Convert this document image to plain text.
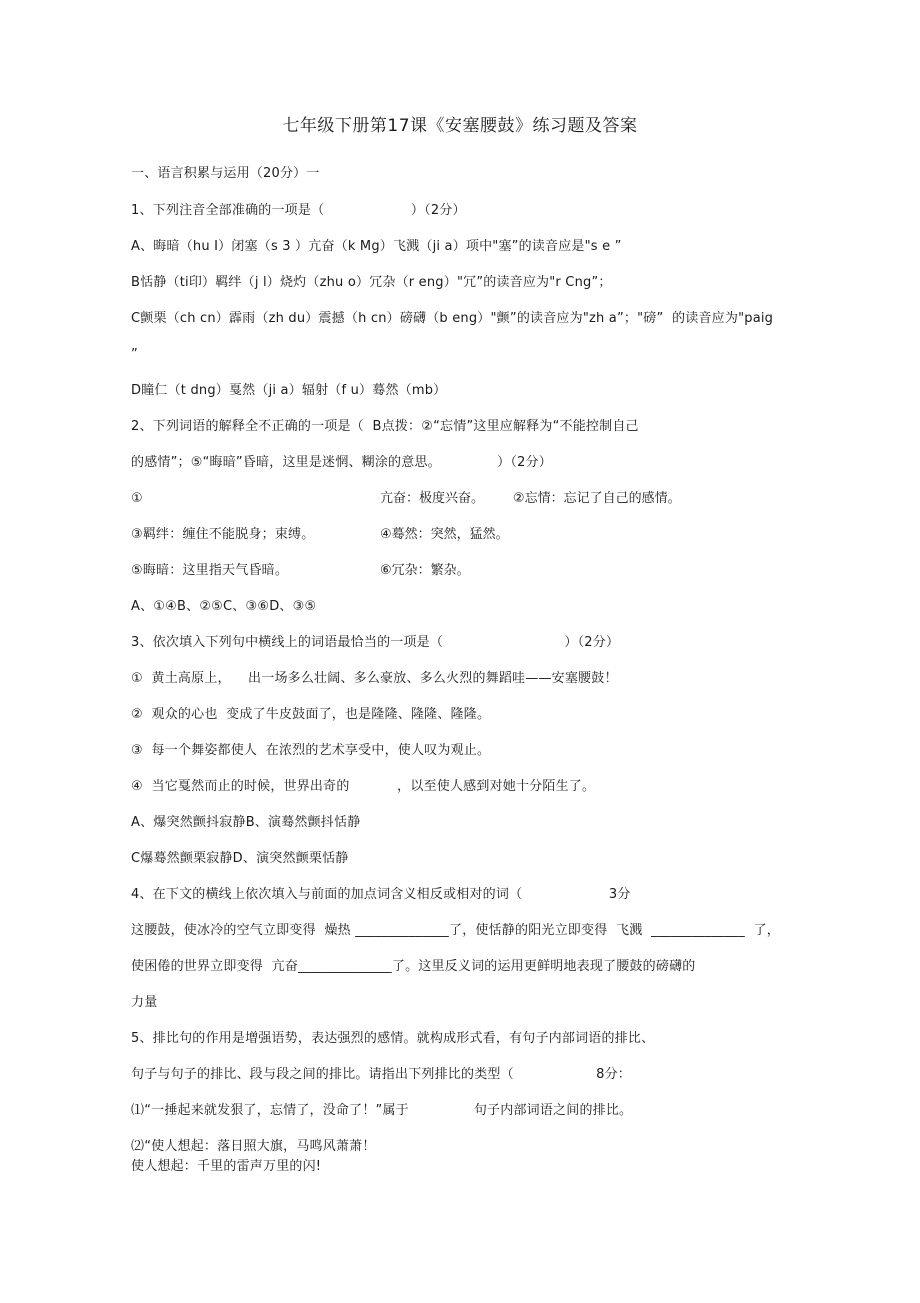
七年级下册第17课《安塞腰鼓》练习题及答案
一、语言积累与运用（20分）一
1、下列注音全部准确的一项是（                    ）（2分）
A、晦暗（hu I）闭塞（s 3 ）亢奋（k Mg）飞溅（ji a）项中"塞”的读音应是"s e ”
B恬静（ti印）羁绊（j l）烧灼（zhu o）冗杂（r eng）"冗”的读音应为"r Cng”；
C颤栗（ch cn）霹雨（zh du）震撼（h cn）磅礴（b eng）"颤”的读音应为"zh a”；"磅”  的读音应为"paig
”
D瞳仁（t dng）戛然（ji a）辐射（f u）蓦然（mb）
2、下列词语的解释全不正确的一项是（  B点拨：②“忘情”这里应解释为“不能控制自己
的感情”；⑤“晦暗”昏暗，这里是迷惘、糊涂的意思。             ）（2分）
①	亢奋：极度兴奋。       ②忘情：忘记了自己的感情。
③羁绊：缠住不能脱身；束缚。	④蓦然：突然，猛然。
⑤晦暗：这里指天气昏暗。	⑥冗杂：繁杂。
A、①④B、②⑤C、③⑥D、③⑤
3、依次填入下列句中横线上的词语最恰当的一项是（                            ）（2分）
①  黄土高原上，    出一场多么壮阔、多么豪放、多么火烈的舞蹈哇——安塞腰鼓！
②  观众的心也  变成了牛皮鼓面了，也是隆隆、隆隆、隆隆。
③  每一个舞姿都使人  在浓烈的艺术享受中，使人叹为观止。
④  当它戛然而止的时候，世界出奇的           ，以至使人感到对她十分陌生了。
A、爆突然颤抖寂静B、演蓦然颤抖恬静
C爆蓦然颤栗寂静D、演突然颤栗恬静
4、在下文的横线上依次填入与前面的加点词含义相反或相对的词（                    3分
这腰鼓，使冰冷的空气立即变得  燥热 ______________了，使恬静的阳光立即变得  飞溅  ______________  了，
使困倦的世界立即变得  亢奋______________了。这里反义词的运用更鲜明地表现了腰鼓的磅礴的
力量
5、排比句的作用是增强语势，表达强烈的感情。就构成形式看，有句子内部词语的排比、
句子与句子的排比、段与段之间的排比。请指出下列排比的类型（                   8分：
⑴“一捶起来就发狠了，忘情了，没命了！”属于               句子内部词语之间的排比。
⑵“使人想起：落日照大旗，马鸣风萧萧！
使人想起：千里的雷声万里的闪!
